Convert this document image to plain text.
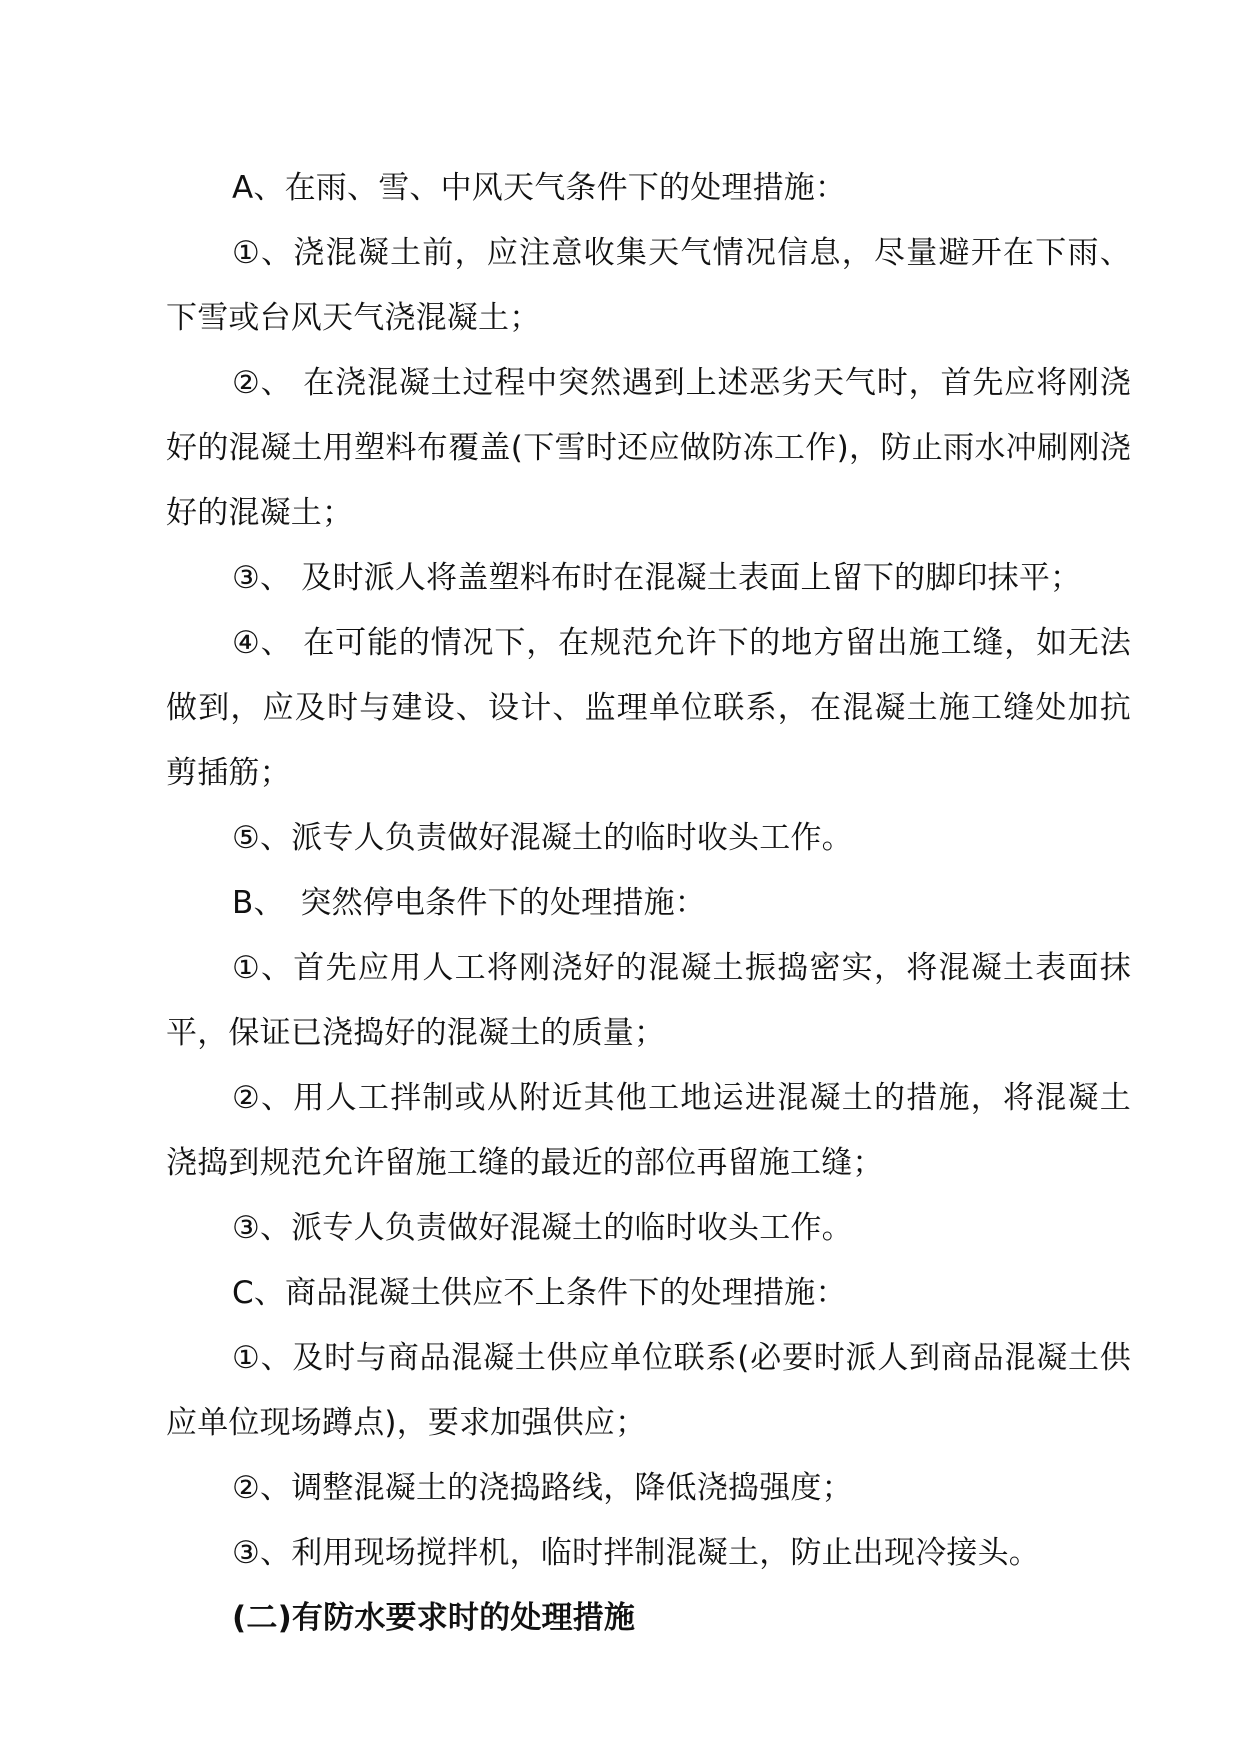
A、在雨、雪、中风天气条件下的处理措施：

①、浇混凝土前，应注意收集天气情况信息，尽量避开在下雨、下雪或台风天气浇混凝土；

②、 在浇混凝土过程中突然遇到上述恶劣天气时，首先应将刚浇好的混凝土用塑料布覆盖(下雪时还应做防冻工作)，防止雨水冲刷刚浇好的混凝土；

③、 及时派人将盖塑料布时在混凝土表面上留下的脚印抹平；

④、 在可能的情况下，在规范允许下的地方留出施工缝，如无法做到，应及时与建设、设计、监理单位联系，在混凝土施工缝处加抗剪插筋；

⑤、派专人负责做好混凝土的临时收头工作。

B、　突然停电条件下的处理措施：

①、首先应用人工将刚浇好的混凝土振捣密实，将混凝土表面抹平，保证已浇捣好的混凝土的质量；

②、用人工拌制或从附近其他工地运进混凝土的措施，将混凝土浇捣到规范允许留施工缝的最近的部位再留施工缝；

③、派专人负责做好混凝土的临时收头工作。

C、商品混凝土供应不上条件下的处理措施：

①、及时与商品混凝土供应单位联系(必要时派人到商品混凝土供应单位现场蹲点)，要求加强供应；

②、调整混凝土的浇捣路线，降低浇捣强度；

③、利用现场搅拌机，临时拌制混凝土，防止出现冷接头。

(二)有防水要求时的处理措施
